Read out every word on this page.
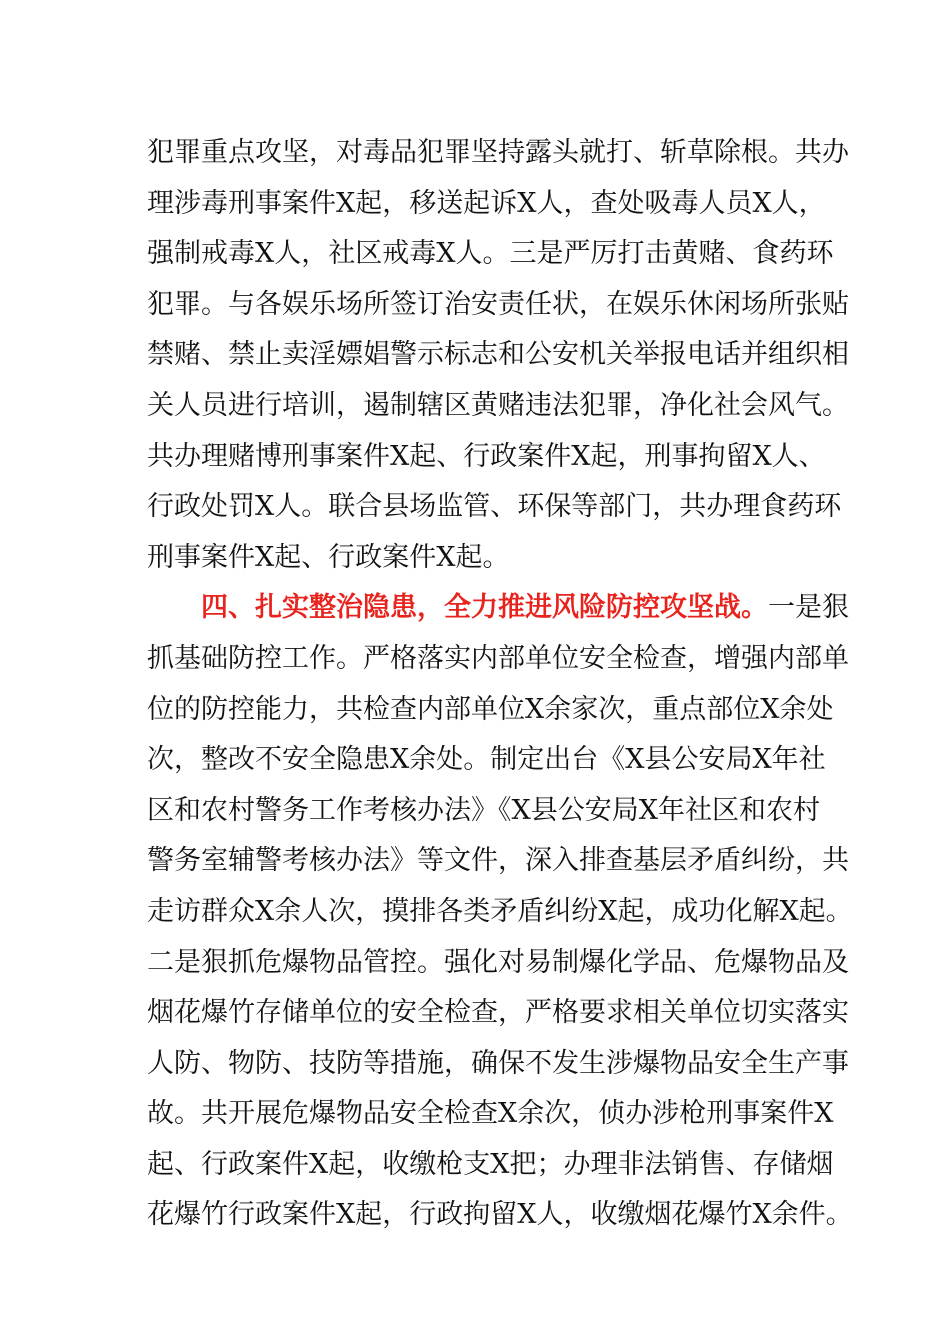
犯罪重点攻坚，对毒品犯罪坚持露头就打、斩草除根。共办
理涉毒刑事案件X起，移送起诉X人，查处吸毒人员X人，
强制戒毒X人，社区戒毒X人。三是严厉打击黄赌、食药环
犯罪。与各娱乐场所签订治安责任状，在娱乐休闲场所张贴
禁赌、禁止卖淫嫖娼警示标志和公安机关举报电话并组织相
关人员进行培训，遏制辖区黄赌违法犯罪，净化社会风气。
共办理赌博刑事案件X起、行政案件X起，刑事拘留X人、
行政处罚X人。联合县场监管、环保等部门，共办理食药环
刑事案件X起、行政案件X起。
四、扎实整治隐患，全力推进风险防控攻坚战。一是狠
抓基础防控工作。严格落实内部单位安全检查，增强内部单
位的防控能力，共检查内部单位X余家次，重点部位X余处
次，整改不安全隐患X余处。制定出台《X县公安局X年社
区和农村警务工作考核办法》《X县公安局X年社区和农村
警务室辅警考核办法》等文件，深入排查基层矛盾纠纷，共
走访群众X余人次，摸排各类矛盾纠纷X起，成功化解X起。
二是狠抓危爆物品管控。强化对易制爆化学品、危爆物品及
烟花爆竹存储单位的安全检查，严格要求相关单位切实落实
人防、物防、技防等措施，确保不发生涉爆物品安全生产事
故。共开展危爆物品安全检查X余次，侦办涉枪刑事案件X
起、行政案件X起，收缴枪支X把；办理非法销售、存储烟
花爆竹行政案件X起，行政拘留X人，收缴烟花爆竹X余件。
